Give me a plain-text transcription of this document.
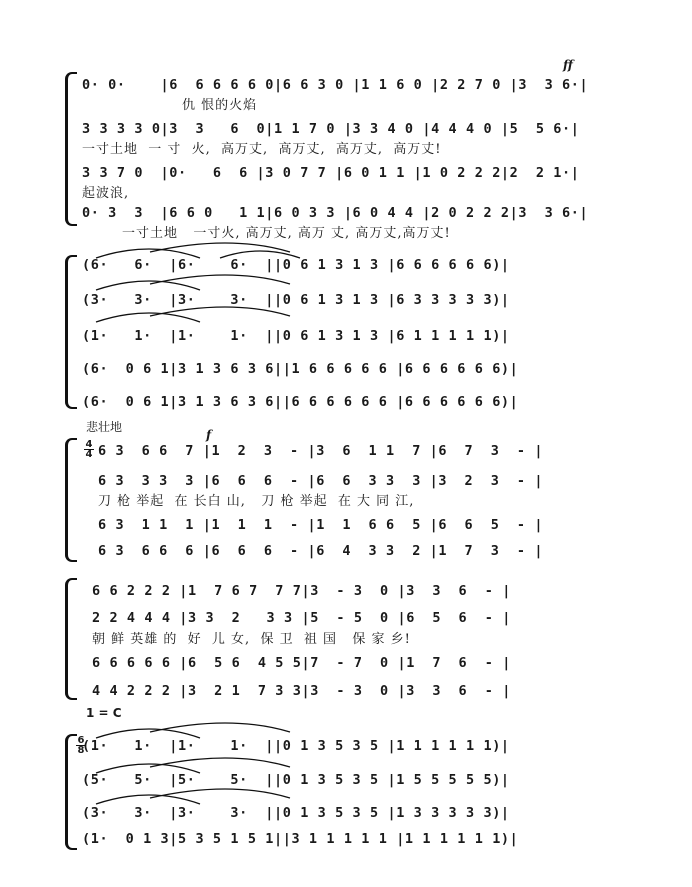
ff
0· 0·    |6  6 6 6 6 0|6 6 3 0 |1 1 6 0 |2 2 7 0 |3  3 6·|
仇 恨的火焰
3 3 3 3 0|3  3   6  0|1 1 7 0 |3 3 4 0 |4 4 4 0 |5  5 6·|
一寸土地  一 寸  火,  高万丈,  高万丈,  高万丈,  高万丈!
3 3 7 0  |0·   6  6 |3 0 7 7 |6 0 1 1 |1 0 2 2 2|2  2 1·|
起波浪,
0· 3  3  |6 6 0   1 1|6 0 3 3 |6 0 4 4 |2 0 2 2 2|3  3 6·|
一寸土地   一寸火, 高万丈, 高万 丈, 高万丈,高万丈!
(6·   6·  |6·    6·  ||0 6 1 3 1 3 |6 6 6 6 6 6)|
(3·   3·  |3·    3·  ||0 6 1 3 1 3 |6 3 3 3 3 3)|
(1·   1·  |1·    1·  ||0 6 1 3 1 3 |6 1 1 1 1 1)|
(6·  0 6 1|3 1 3 6 3 6||1 6 6 6 6 6 |6 6 6 6 6 6)|
(6·  0 6 1|3 1 3 6 3 6||6 6 6 6 6 6 |6 6 6 6 6 6)|
悲壮地
f
4
4 6 3  6 6  7 |1  2  3  - |3  6  1 1  7 |6  7  3  - |
6 3  3 3  3 |6  6  6  - |6  6  3 3  3 |3  2  3  - |
刀 枪 举起  在 长白 山,   刀 枪 举起  在 大 同 江,
6 3  1 1  1 |1  1  1  - |1  1  6 6  5 |6  6  5  - |
6 3  6 6  6 |6  6  6  - |6  4  3 3  2 |1  7  3  - |
6 6 2 2 2 |1  7 6 7  7 7|3  - 3  0 |3  3  6  - |
2 2 4 4 4 |3 3  2   3 3 |5  - 5  0 |6  5  6  - |
朝 鲜 英雄 的  好  儿 女,  保 卫  祖 国   保 家 乡!
6 6 6 6 6 |6  5 6  4 5 5|7  - 7  0 |1  7  6  - |
4 4 2 2 2 |3  2 1  7 3 3|3  - 3  0 |3  3  6  - |
1 = C
6
8
(1·   1·  |1·    1·  ||0 1 3 5 3 5 |1 1 1 1 1 1)|
(5·   5·  |5·    5·  ||0 1 3 5 3 5 |1 5 5 5 5 5)|
(3·   3·  |3·    3·  ||0 1 3 5 3 5 |1 3 3 3 3 3)|
(1·  0 1 3|5 3 5 1 5 1||3 1 1 1 1 1 |1 1 1 1 1 1)|
